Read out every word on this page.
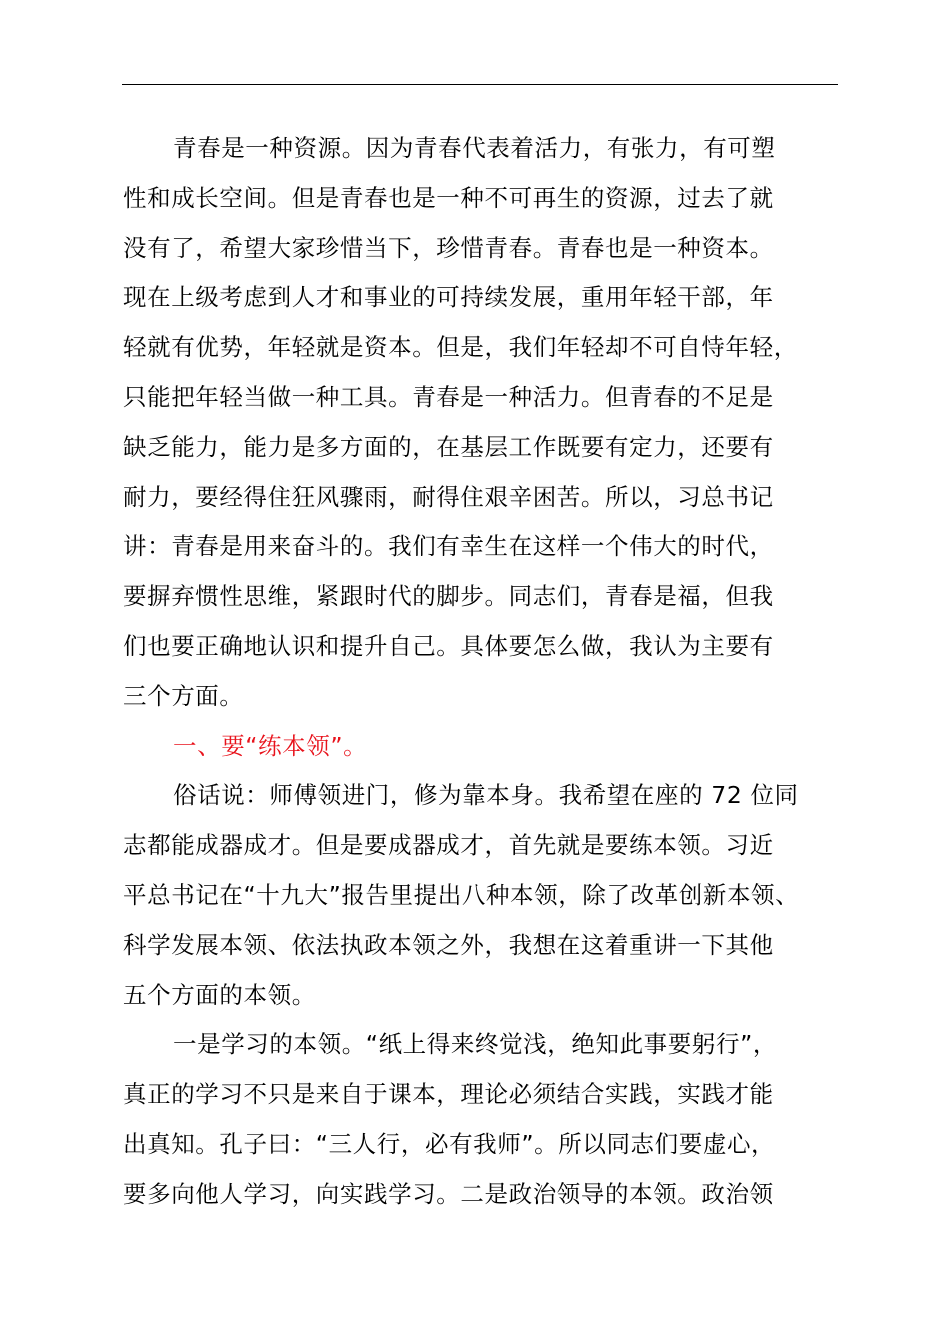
青春是一种资源。因为青春代表着活力，有张力，有可塑
性和成长空间。但是青春也是一种不可再生的资源，过去了就
没有了，希望大家珍惜当下，珍惜青春。青春也是一种资本。
现在上级考虑到人才和事业的可持续发展，重用年轻干部，年
轻就有优势，年轻就是资本。但是，我们年轻却不可自恃年轻，
只能把年轻当做一种工具。青春是一种活力。但青春的不足是
缺乏能力，能力是多方面的，在基层工作既要有定力，还要有
耐力，要经得住狂风骤雨，耐得住艰辛困苦。所以，习总书记
讲：青春是用来奋斗的。我们有幸生在这样一个伟大的时代，
要摒弃惯性思维，紧跟时代的脚步。同志们，青春是福，但我
们也要正确地认识和提升自己。具体要怎么做，我认为主要有
三个方面。
一、要“练本领”。
俗话说：师傅领进门，修为靠本身。我希望在座的 72 位同
志都能成器成才。但是要成器成才，首先就是要练本领。习近
平总书记在“十九大”报告里提出八种本领，除了改革创新本领、
科学发展本领、依法执政本领之外，我想在这着重讲一下其他
五个方面的本领。
一是学习的本领。“纸上得来终觉浅，绝知此事要躬行”，
真正的学习不只是来自于课本，理论必须结合实践，实践才能
出真知。孔子曰：“三人行，必有我师”。所以同志们要虚心，
要多向他人学习，向实践学习。二是政治领导的本领。政治领
